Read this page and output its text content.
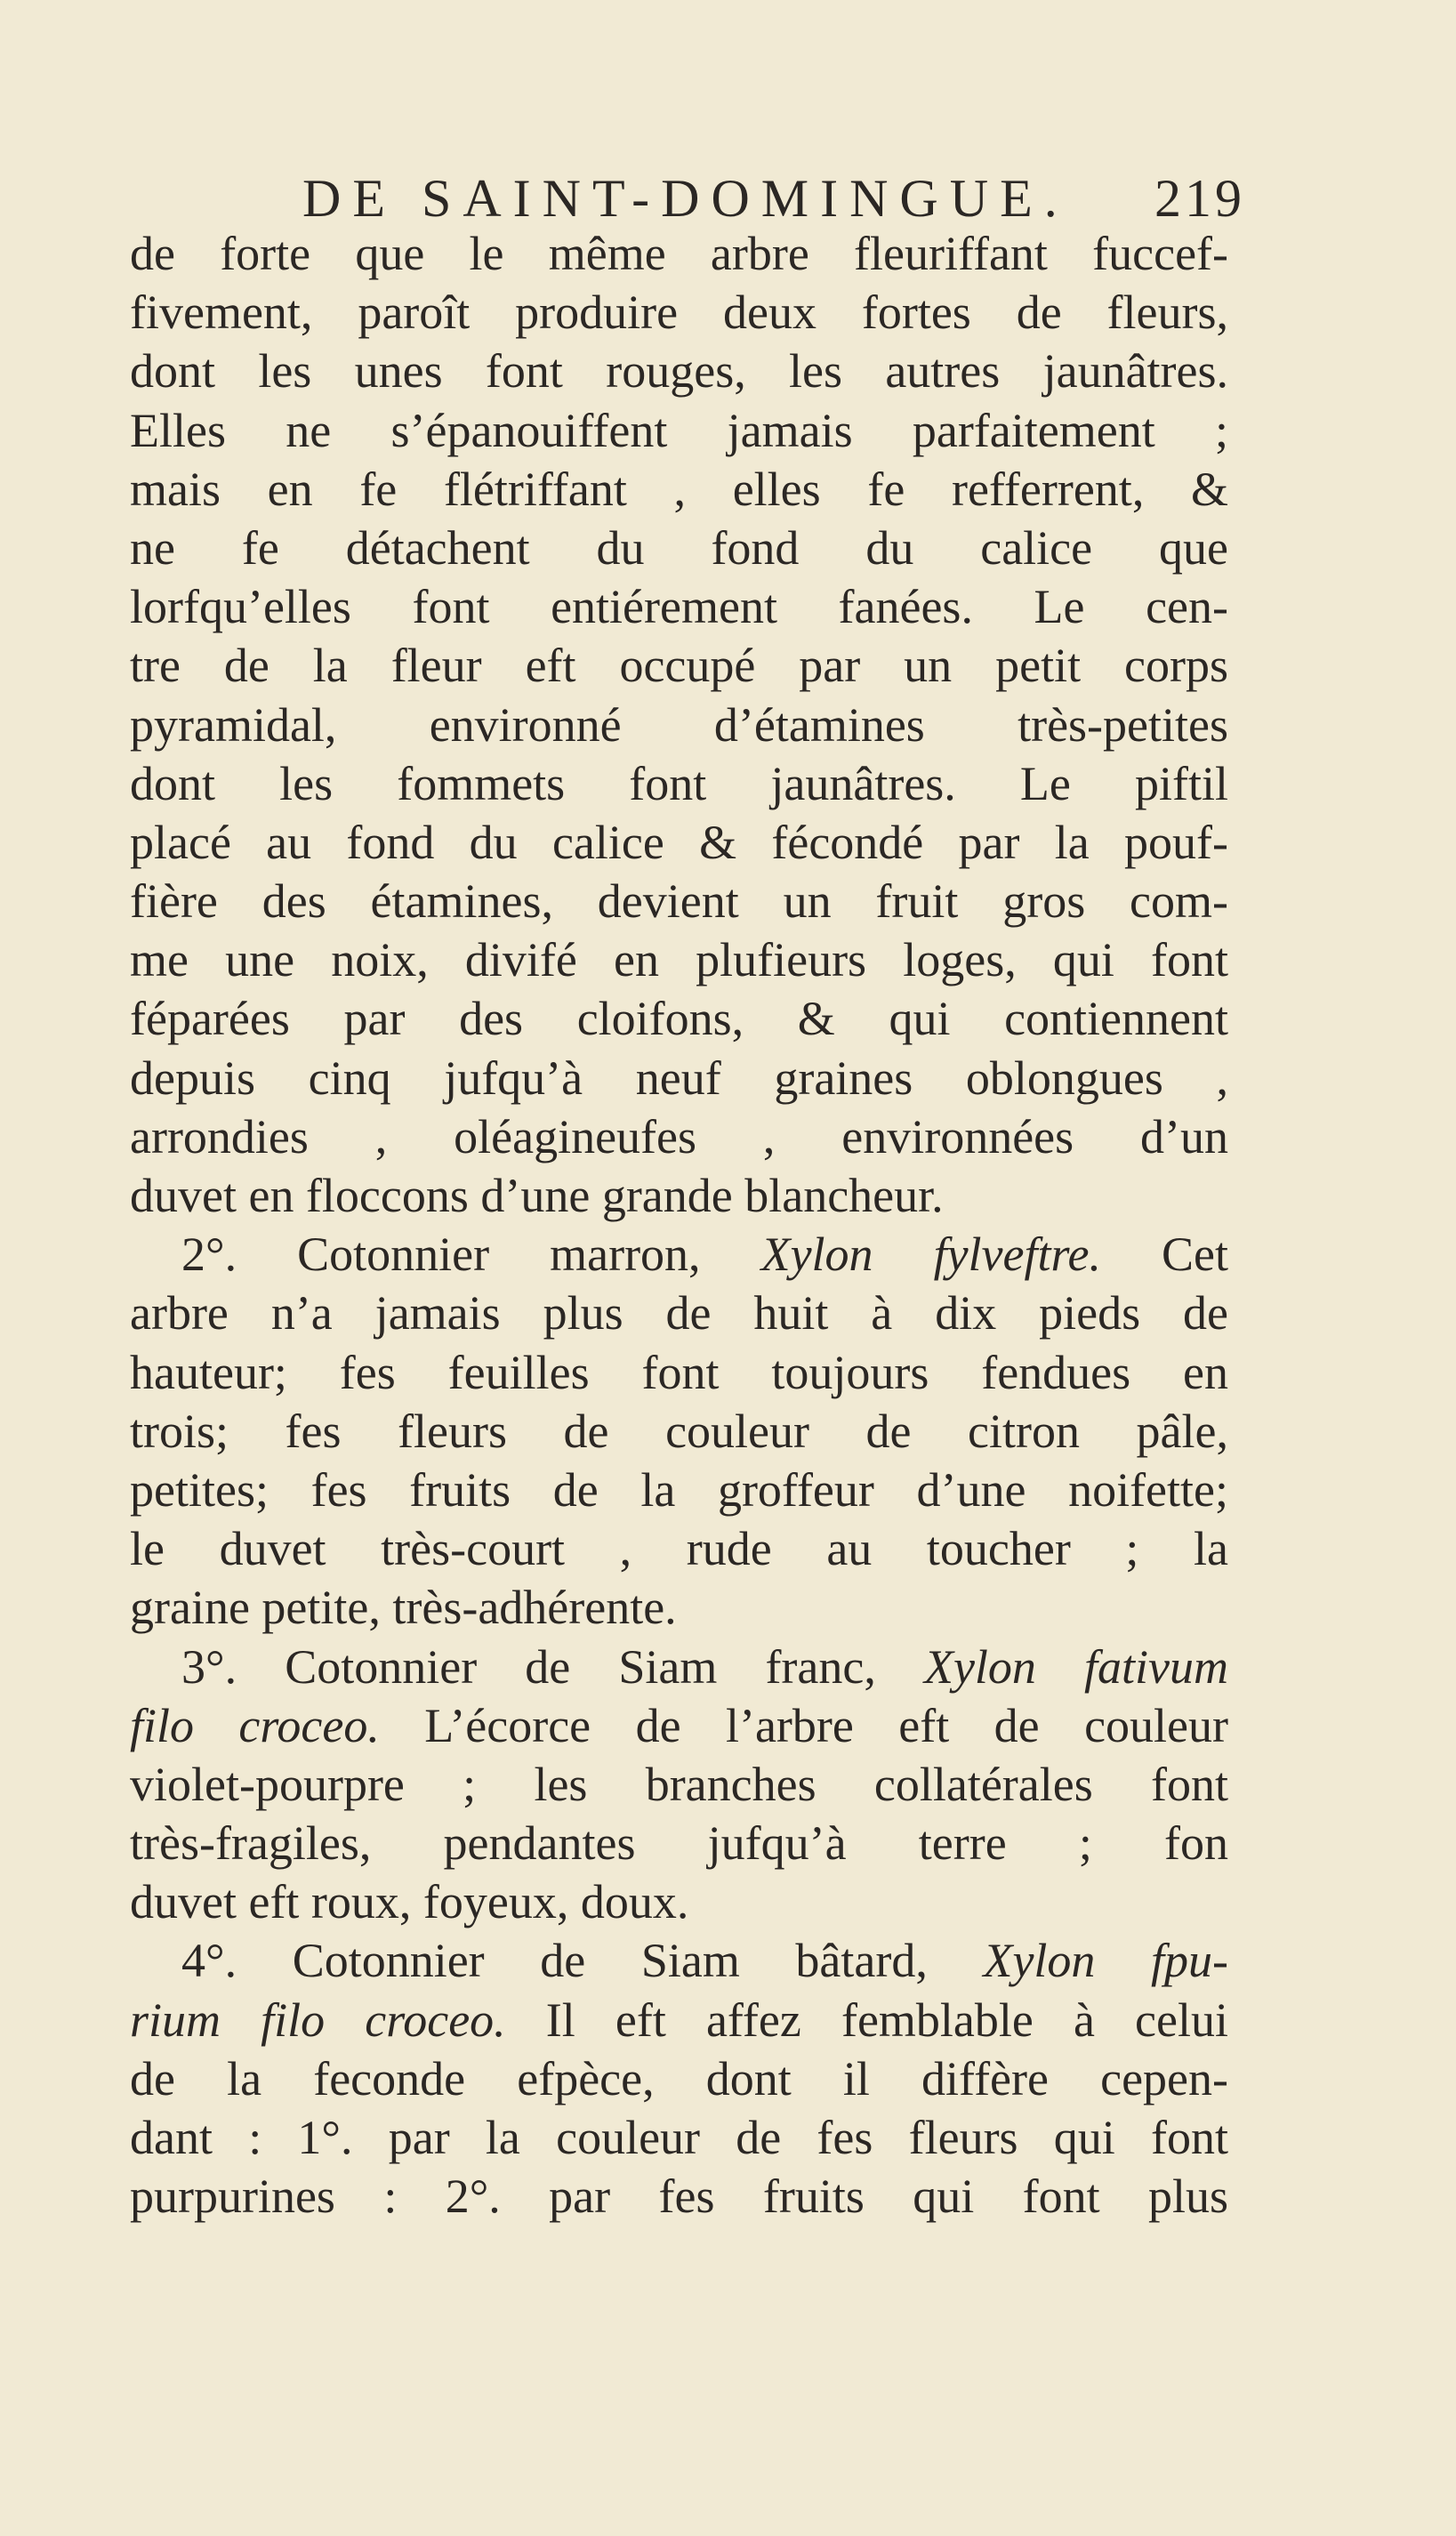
DE SAINT-DOMINGUE. 219
de forte que le même arbre fleuriffant fuccef-
fivement, paroît produire deux fortes de fleurs,
dont les unes font rouges, les autres jaunâtres.
Elles ne s’épanouiffent jamais parfaitement ;
mais en fe flétriffant , elles fe refferrent, &
ne fe détachent du fond du calice que
lorfqu’elles font entiérement fanées. Le cen-
tre de la fleur eft occupé par un petit corps
pyramidal, environné d’étamines très-petites
dont les fommets font jaunâtres. Le piftil
placé au fond du calice & fécondé par la pouf-
fière des étamines, devient un fruit gros com-
me une noix, divifé en plufieurs loges, qui font
féparées par des cloifons, & qui contiennent
depuis cinq jufqu’à neuf graines oblongues ,
arrondies , oléagineufes , environnées d’un
duvet en floccons d’une grande blancheur.
2°. Cotonnier marron, Xylon fylveftre. Cet
arbre n’a jamais plus de huit à dix pieds de
hauteur; fes feuilles font toujours fendues en
trois; fes fleurs de couleur de citron pâle,
petites; fes fruits de la groffeur d’une noifette;
le duvet très-court , rude au toucher ; la
graine petite, très-adhérente.
3°. Cotonnier de Siam franc, Xylon fativum
filo croceo. L’écorce de l’arbre eft de couleur
violet-pourpre ; les branches collatérales font
très-fragiles, pendantes jufqu’à terre ; fon
duvet eft roux, foyeux, doux.
4°. Cotonnier de Siam bâtard, Xylon fpu-
rium filo croceo. Il eft affez femblable à celui
de la feconde efpèce, dont il diffère cepen-
dant : 1°. par la couleur de fes fleurs qui font
purpurines : 2°. par fes fruits qui font plus
